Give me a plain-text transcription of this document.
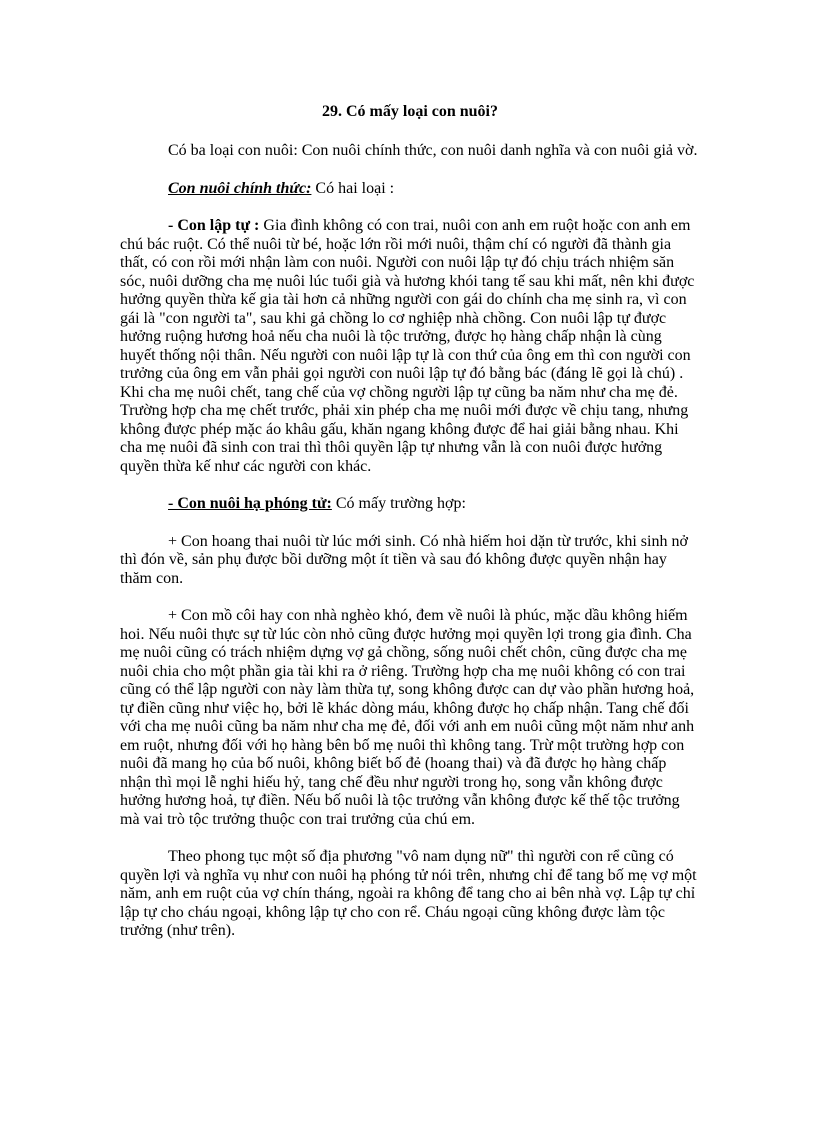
29. Có mấy loại con nuôi?

Có ba loại con nuôi: Con nuôi chính thức, con nuôi danh nghĩa và con nuôi giả vờ.

Con nuôi chính thức: Có hai loại :

- Con lập tự : Gia đình không có con trai, nuôi con anh em ruột hoặc con anh em chú bác ruột. Có thể nuôi từ bé, hoặc lớn rồi mới nuôi, thậm chí có người đã thành gia thất, có con rồi mới nhận làm con nuôi. Người con nuôi lập tự đó chịu trách nhiệm săn sóc, nuôi dưỡng cha mẹ nuôi lúc tuổi già và hương khói tang tế sau khi mất, nên khi được hưởng quyền thừa kế gia tài hơn cả những người con gái do chính cha mẹ sinh ra, vì con gái là "con người ta", sau khi gả chồng lo cơ nghiệp nhà chồng. Con nuôi lập tự được hưởng ruộng hương hoả nếu cha nuôi là tộc trưởng, được họ hàng chấp nhận là cùng huyết thống nội thân. Nếu người con nuôi lập tự là con thứ của ông em thì con người con trưởng của ông em vẫn phải gọi người con nuôi lập tự đó bằng bác (đáng lẽ gọi là chú) . Khi cha mẹ nuôi chết, tang chế của vợ chồng người lập tự cũng ba năm như cha mẹ đẻ. Trường hợp cha mẹ chết trước, phải xin phép cha mẹ nuôi mới được về chịu tang, nhưng không được phép mặc áo khâu gấu, khăn ngang không được để hai giải bằng nhau. Khi cha mẹ nuôi đã sinh con trai thì thôi quyền lập tự nhưng vẫn là con nuôi được hưởng quyền thừa kế như các người con khác.

- Con nuôi hạ phóng tử: Có mấy trường hợp:

+ Con hoang thai nuôi từ lúc mới sinh. Có nhà hiếm hoi dặn từ trước, khi sinh nở thì đón về, sản phụ được bồi dưỡng một ít tiền và sau đó không được quyền nhận hay thăm con.

+ Con mồ côi hay con nhà nghèo khó, đem về nuôi là phúc, mặc dầu không hiếm hoi. Nếu nuôi thực sự từ lúc còn nhỏ cũng được hưởng mọi quyền lợi trong gia đình. Cha mẹ nuôi cũng có trách nhiệm dựng vợ gả chồng, sống nuôi chết chôn, cũng được cha mẹ nuôi chia cho một phần gia tài khi ra ở riêng. Trường hợp cha mẹ nuôi không có con trai cũng có thể lập người con này làm thừa tự, song không được can dự vào phần hương hoả, tự điền cũng như việc họ, bởi lẽ khác dòng máu, không được họ chấp nhận. Tang chế đối với cha mẹ nuôi cũng ba năm như cha mẹ đẻ, đối với anh em nuôi cũng một năm như anh em ruột, nhưng đối với họ hàng bên bố mẹ nuôi thì không tang. Trừ một trường hợp con nuôi đã mang họ của bố nuôi, không biết bố đẻ (hoang thai) và đã được họ hàng chấp nhận thì mọi lễ nghi hiếu hỷ, tang chế đều như người trong họ, song vẫn không được hưởng hương hoả, tự điền. Nếu bố nuôi là tộc trưởng vẫn không được kế thế tộc trưởng mà vai trò tộc trưởng thuộc con trai trưởng của chú em.

Theo phong tục một số địa phương "vô nam dụng nữ" thì người con rể cũng có quyền lợi và nghĩa vụ như con nuôi hạ phóng tử nói trên, nhưng chỉ để tang bố mẹ vợ một năm, anh em ruột của vợ chín tháng, ngoài ra không để tang cho ai bên nhà vợ. Lập tự chỉ lập tự cho cháu ngoại, không lập tự cho con rể. Cháu ngoại cũng không được làm tộc trưởng (như trên).
